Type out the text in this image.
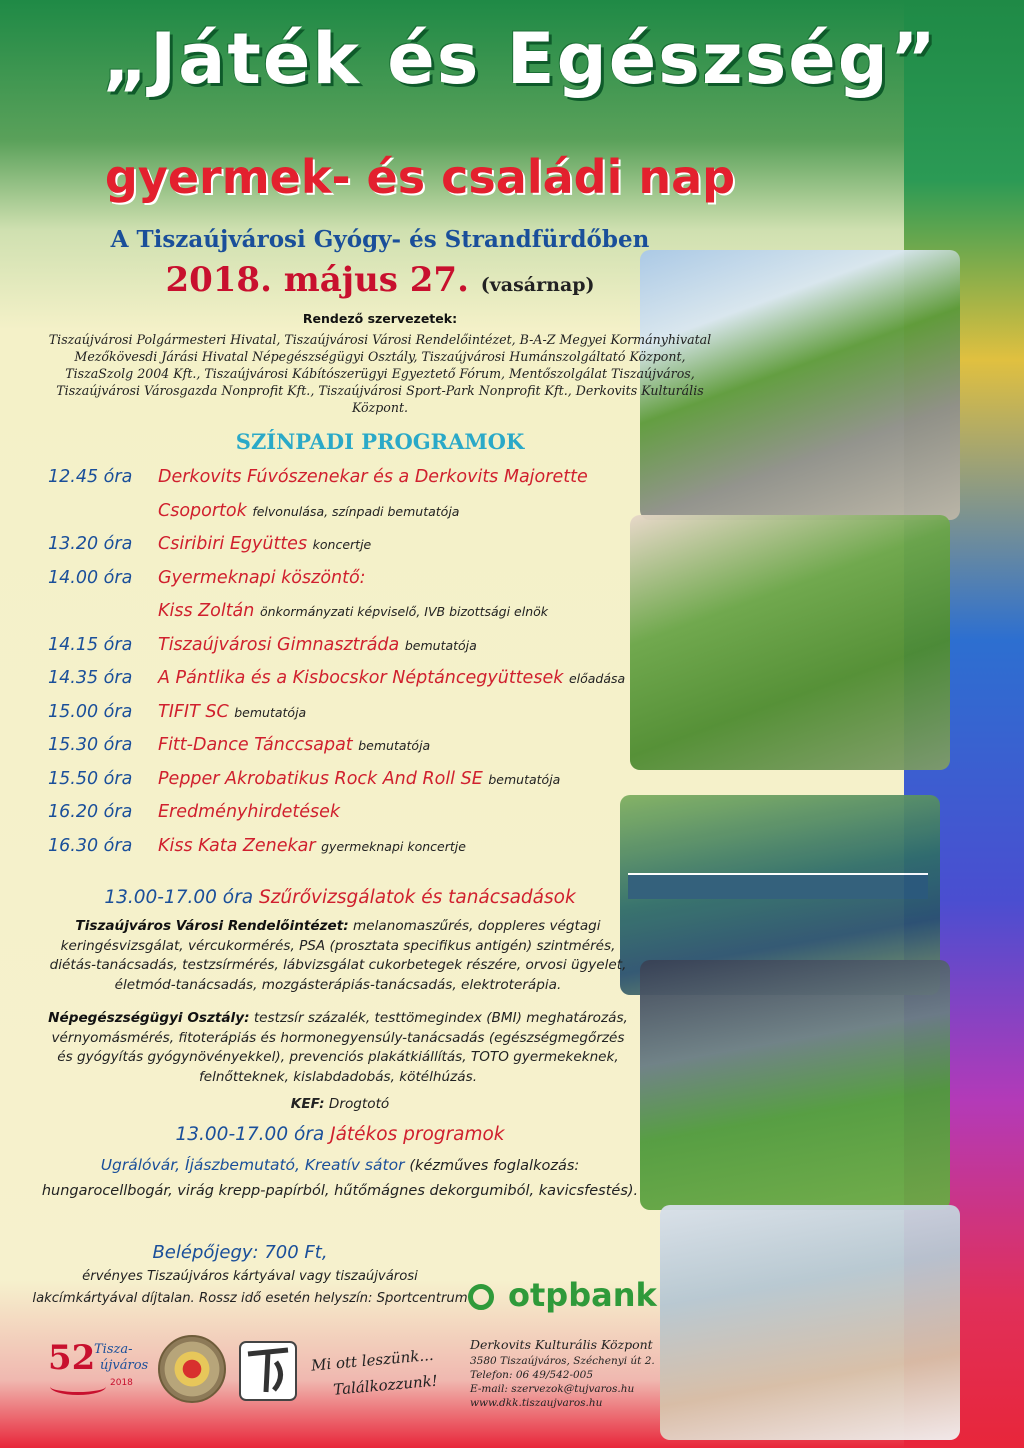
„Játék és Egészség”
gyermek- és családi nap
A Tiszaújvárosi Gyógy- és Strandfürdőben
2018. május 27. (vasárnap)
Rendező szervezetek:
Tiszaújvárosi Polgármesteri Hivatal, Tiszaújvárosi Városi Rendelőintézet, B-A-Z Megyei Kormányhivatal Mezőkövesdi Járási Hivatal Népegészségügyi Osztály, Tiszaújvárosi Humánszolgáltató Központ, TiszaSzolg 2004 Kft., Tiszaújvárosi Kábítószerügyi Egyeztető Fórum, Mentőszolgálat Tiszaújváros, Tiszaújvárosi Városgazda Nonprofit Kft., Tiszaújvárosi Sport-Park Nonprofit Kft., Derkovits Kulturális Központ.
SZÍNPADI PROGRAMOK
12.45 óra Derkovits Fúvószenekar és a Derkovits Majorette
Csoportok felvonulása, színpadi bemutatója
13.20 óra Csiribiri Együttes koncertje
14.00 óra Gyermeknapi köszöntő:
Kiss Zoltán önkormányzati képviselő, IVB bizottsági elnök
14.15 óra Tiszaújvárosi Gimnasztráda bemutatója
14.35 óra A Pántlika és a Kisbocskor Néptáncegyüttesek előadása
15.00 óra TIFIT SC bemutatója
15.30 óra Fitt-Dance Tánccsapat bemutatója
15.50 óra Pepper Akrobatikus Rock And Roll SE bemutatója
16.20 óra Eredményhirdetések
16.30 óra Kiss Kata Zenekar gyermeknapi koncertje
13.00-17.00 óra Szűrővizsgálatok és tanácsadások
Tiszaújváros Városi Rendelőintézet: melanomaszűrés, doppleres végtagi keringésvizsgálat, vércukormérés, PSA (prosztata specifikus antigén) szintmérés, diétás-tanácsadás, testzsírmérés, lábvizsgálat cukorbetegek részére, orvosi ügyelet, életmód-tanácsadás, mozgásterápiás-tanácsadás, elektroterápia.
Népegészségügyi Osztály: testzsír százalék, testtömegindex (BMI) meghatározás, vérnyomásmérés, fitoterápiás és hormonegyensúly-tanácsadás (egészségmegőrzés és gyógyítás gyógynövényekkel), prevenciós plakátkiállítás, TOTO gyermekeknek, felnőtteknek, kislabdadobás, kötélhúzás.
KEF: Drogtotó
13.00-17.00 óra Játékos programok
Ugrálóvár, Íjászbemutató, Kreatív sátor (kézműves foglalkozás:
hungarocellbogár, virág krepp-papírból, hűtőmágnes dekorgumiból, kavicsfestés).
Belépőjegy: 700 Ft,
érvényes Tiszaújváros kártyával vagy tiszaújvárosi lakcímkártyával díjtalan. Rossz idő esetén helyszín: Sportcentrum otpbank
Derkovits Kulturális Központ
3580 Tiszaújváros, Széchenyi út 2.
Telefon: 06 49/542-005
E-mail: szervezok@tujvaros.hu
www.dkk.tiszaujvaros.hu
52
Tisza-
újváros
2018
Mi ott leszünk...
Találkozzunk!
